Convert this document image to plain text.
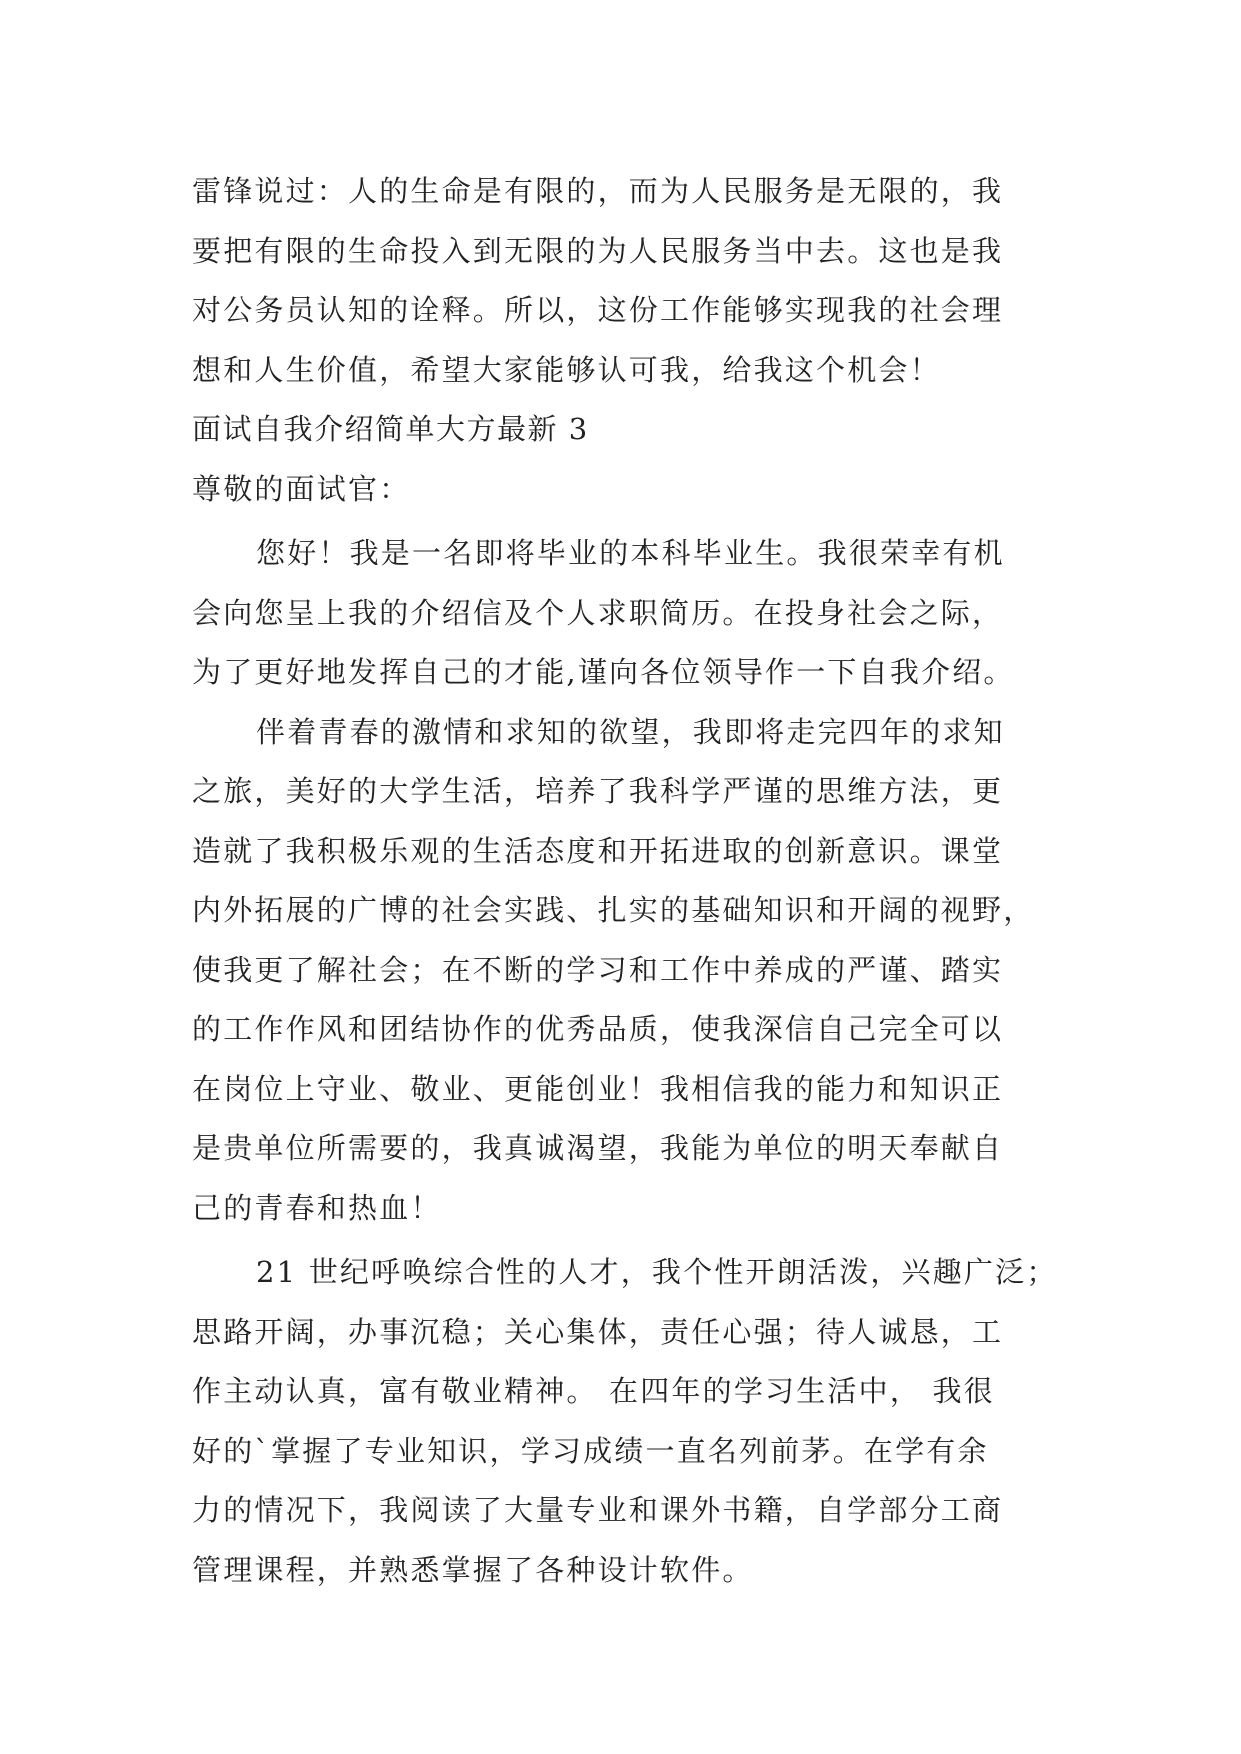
雷锋说过：人的生命是有限的，而为人民服务是无限的，我
要把有限的生命投入到无限的为人民服务当中去。这也是我
对公务员认知的诠释。所以，这份工作能够实现我的社会理
想和人生价值，希望大家能够认可我，给我这个机会！
面试自我介绍简单大方最新 3
尊敬的面试官：
您好！我是一名即将毕业的本科毕业生。我很荣幸有机
会向您呈上我的介绍信及个人求职简历。在投身社会之际，
为了更好地发挥自己的才能,谨向各位领导作一下自我介绍。
伴着青春的激情和求知的欲望，我即将走完四年的求知
之旅，美好的大学生活，培养了我科学严谨的思维方法，更
造就了我积极乐观的生活态度和开拓进取的创新意识。课堂
内外拓展的广博的社会实践、扎实的基础知识和开阔的视野，
使我更了解社会；在不断的学习和工作中养成的严谨、踏实
的工作作风和团结协作的优秀品质，使我深信自己完全可以
在岗位上守业、敬业、更能创业！我相信我的能力和知识正
是贵单位所需要的，我真诚渴望，我能为单位的明天奉献自
己的青春和热血！
21 世纪呼唤综合性的人才，我个性开朗活泼，兴趣广泛；
思路开阔，办事沉稳；关心集体，责任心强；待人诚恳，工
作主动认真，富有敬业精神。 在四年的学习生活中， 我很
好的`掌握了专业知识，学习成绩一直名列前茅。在学有余
力的情况下，我阅读了大量专业和课外书籍，自学部分工商
管理课程，并熟悉掌握了各种设计软件。
